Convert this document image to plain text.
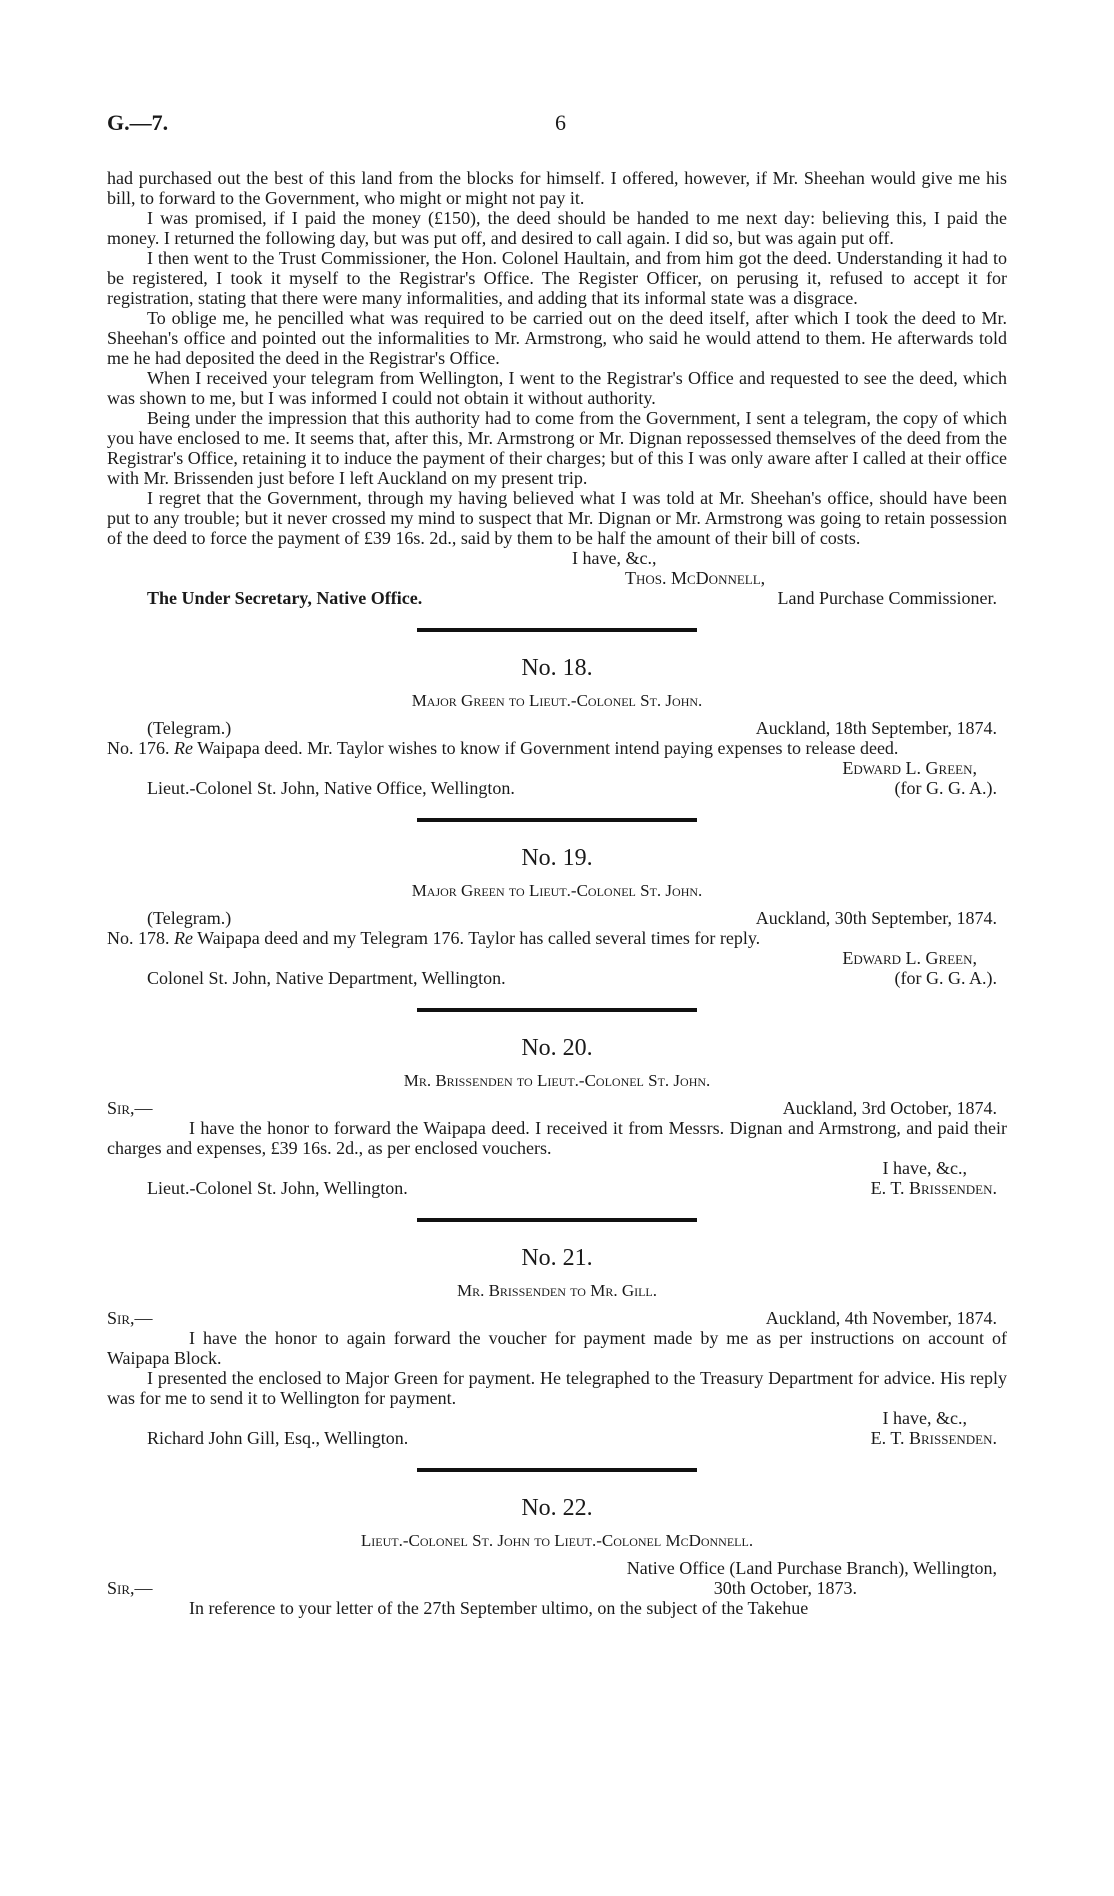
G.—7.	6

had purchased out the best of this land from the blocks for himself. I offered, however, if Mr. Sheehan would give me his bill, to forward to the Government, who might or might not pay it.

I was promised, if I paid the money (£150), the deed should be handed to me next day: believing this, I paid the money. I returned the following day, but was put off, and desired to call again. I did so, but was again put off.

I then went to the Trust Commissioner, the Hon. Colonel Haultain, and from him got the deed. Understanding it had to be registered, I took it myself to the Registrar's Office. The Register Officer, on perusing it, refused to accept it for registration, stating that there were many informalities, and adding that its informal state was a disgrace.

To oblige me, he pencilled what was required to be carried out on the deed itself, after which I took the deed to Mr. Sheehan's office and pointed out the informalities to Mr. Armstrong, who said he would attend to them. He afterwards told me he had deposited the deed in the Registrar's Office.

When I received your telegram from Wellington, I went to the Registrar's Office and requested to see the deed, which was shown to me, but I was informed I could not obtain it without authority.

Being under the impression that this authority had to come from the Government, I sent a telegram, the copy of which you have enclosed to me. It seems that, after this, Mr. Armstrong or Mr. Dignan repossessed themselves of the deed from the Registrar's Office, retaining it to induce the payment of their charges; but of this I was only aware after I called at their office with Mr. Brissenden just before I left Auckland on my present trip.

I regret that the Government, through my having believed what I was told at Mr. Sheehan's office, should have been put to any trouble; but it never crossed my mind to suspect that Mr. Dignan or Mr. Armstrong was going to retain possession of the deed to force the payment of £39 16s. 2d., said by them to be half the amount of their bill of costs.

I have, &c.,
Thos. McDonnell,
The Under Secretary, Native Office.	Land Purchase Commissioner.
No. 18.
Major Green to Lieut.-Colonel St. John.
(Telegram.)	Auckland, 18th September, 1874.

No. 176. Re Waipapa deed. Mr. Taylor wishes to know if Government intend paying expenses to release deed.

Edward L. Green,
Lieut.-Colonel St. John, Native Office, Wellington.	(for G. G. A.).
No. 19.
Major Green to Lieut.-Colonel St. John.
(Telegram.)	Auckland, 30th September, 1874.

No. 178. Re Waipapa deed and my Telegram 176. Taylor has called several times for reply.

Edward L. Green,
Colonel St. John, Native Department, Wellington.	(for G. G. A.).
No. 20.
Mr. Brissenden to Lieut.-Colonel St. John.
Sir,—	Auckland, 3rd October, 1874.

I have the honor to forward the Waipapa deed. I received it from Messrs. Dignan and Armstrong, and paid their charges and expenses, £39 16s. 2d., as per enclosed vouchers.

I have, &c.,
Lieut.-Colonel St. John, Wellington.	E. T. Brissenden.
No. 21.
Mr. Brissenden to Mr. Gill.
Sir,—	Auckland, 4th November, 1874.

I have the honor to again forward the voucher for payment made by me as per instructions on account of Waipapa Block.

I presented the enclosed to Major Green for payment. He telegraphed to the Treasury Department for advice. His reply was for me to send it to Wellington for payment.

I have, &c.,
Richard John Gill, Esq., Wellington.	E. T. Brissenden.
No. 22.
Lieut.-Colonel St. John to Lieut.-Colonel McDonnell.
Native Office (Land Purchase Branch), Wellington,
Sir,—	30th October, 1873.

In reference to your letter of the 27th September ultimo, on the subject of the Takehue
